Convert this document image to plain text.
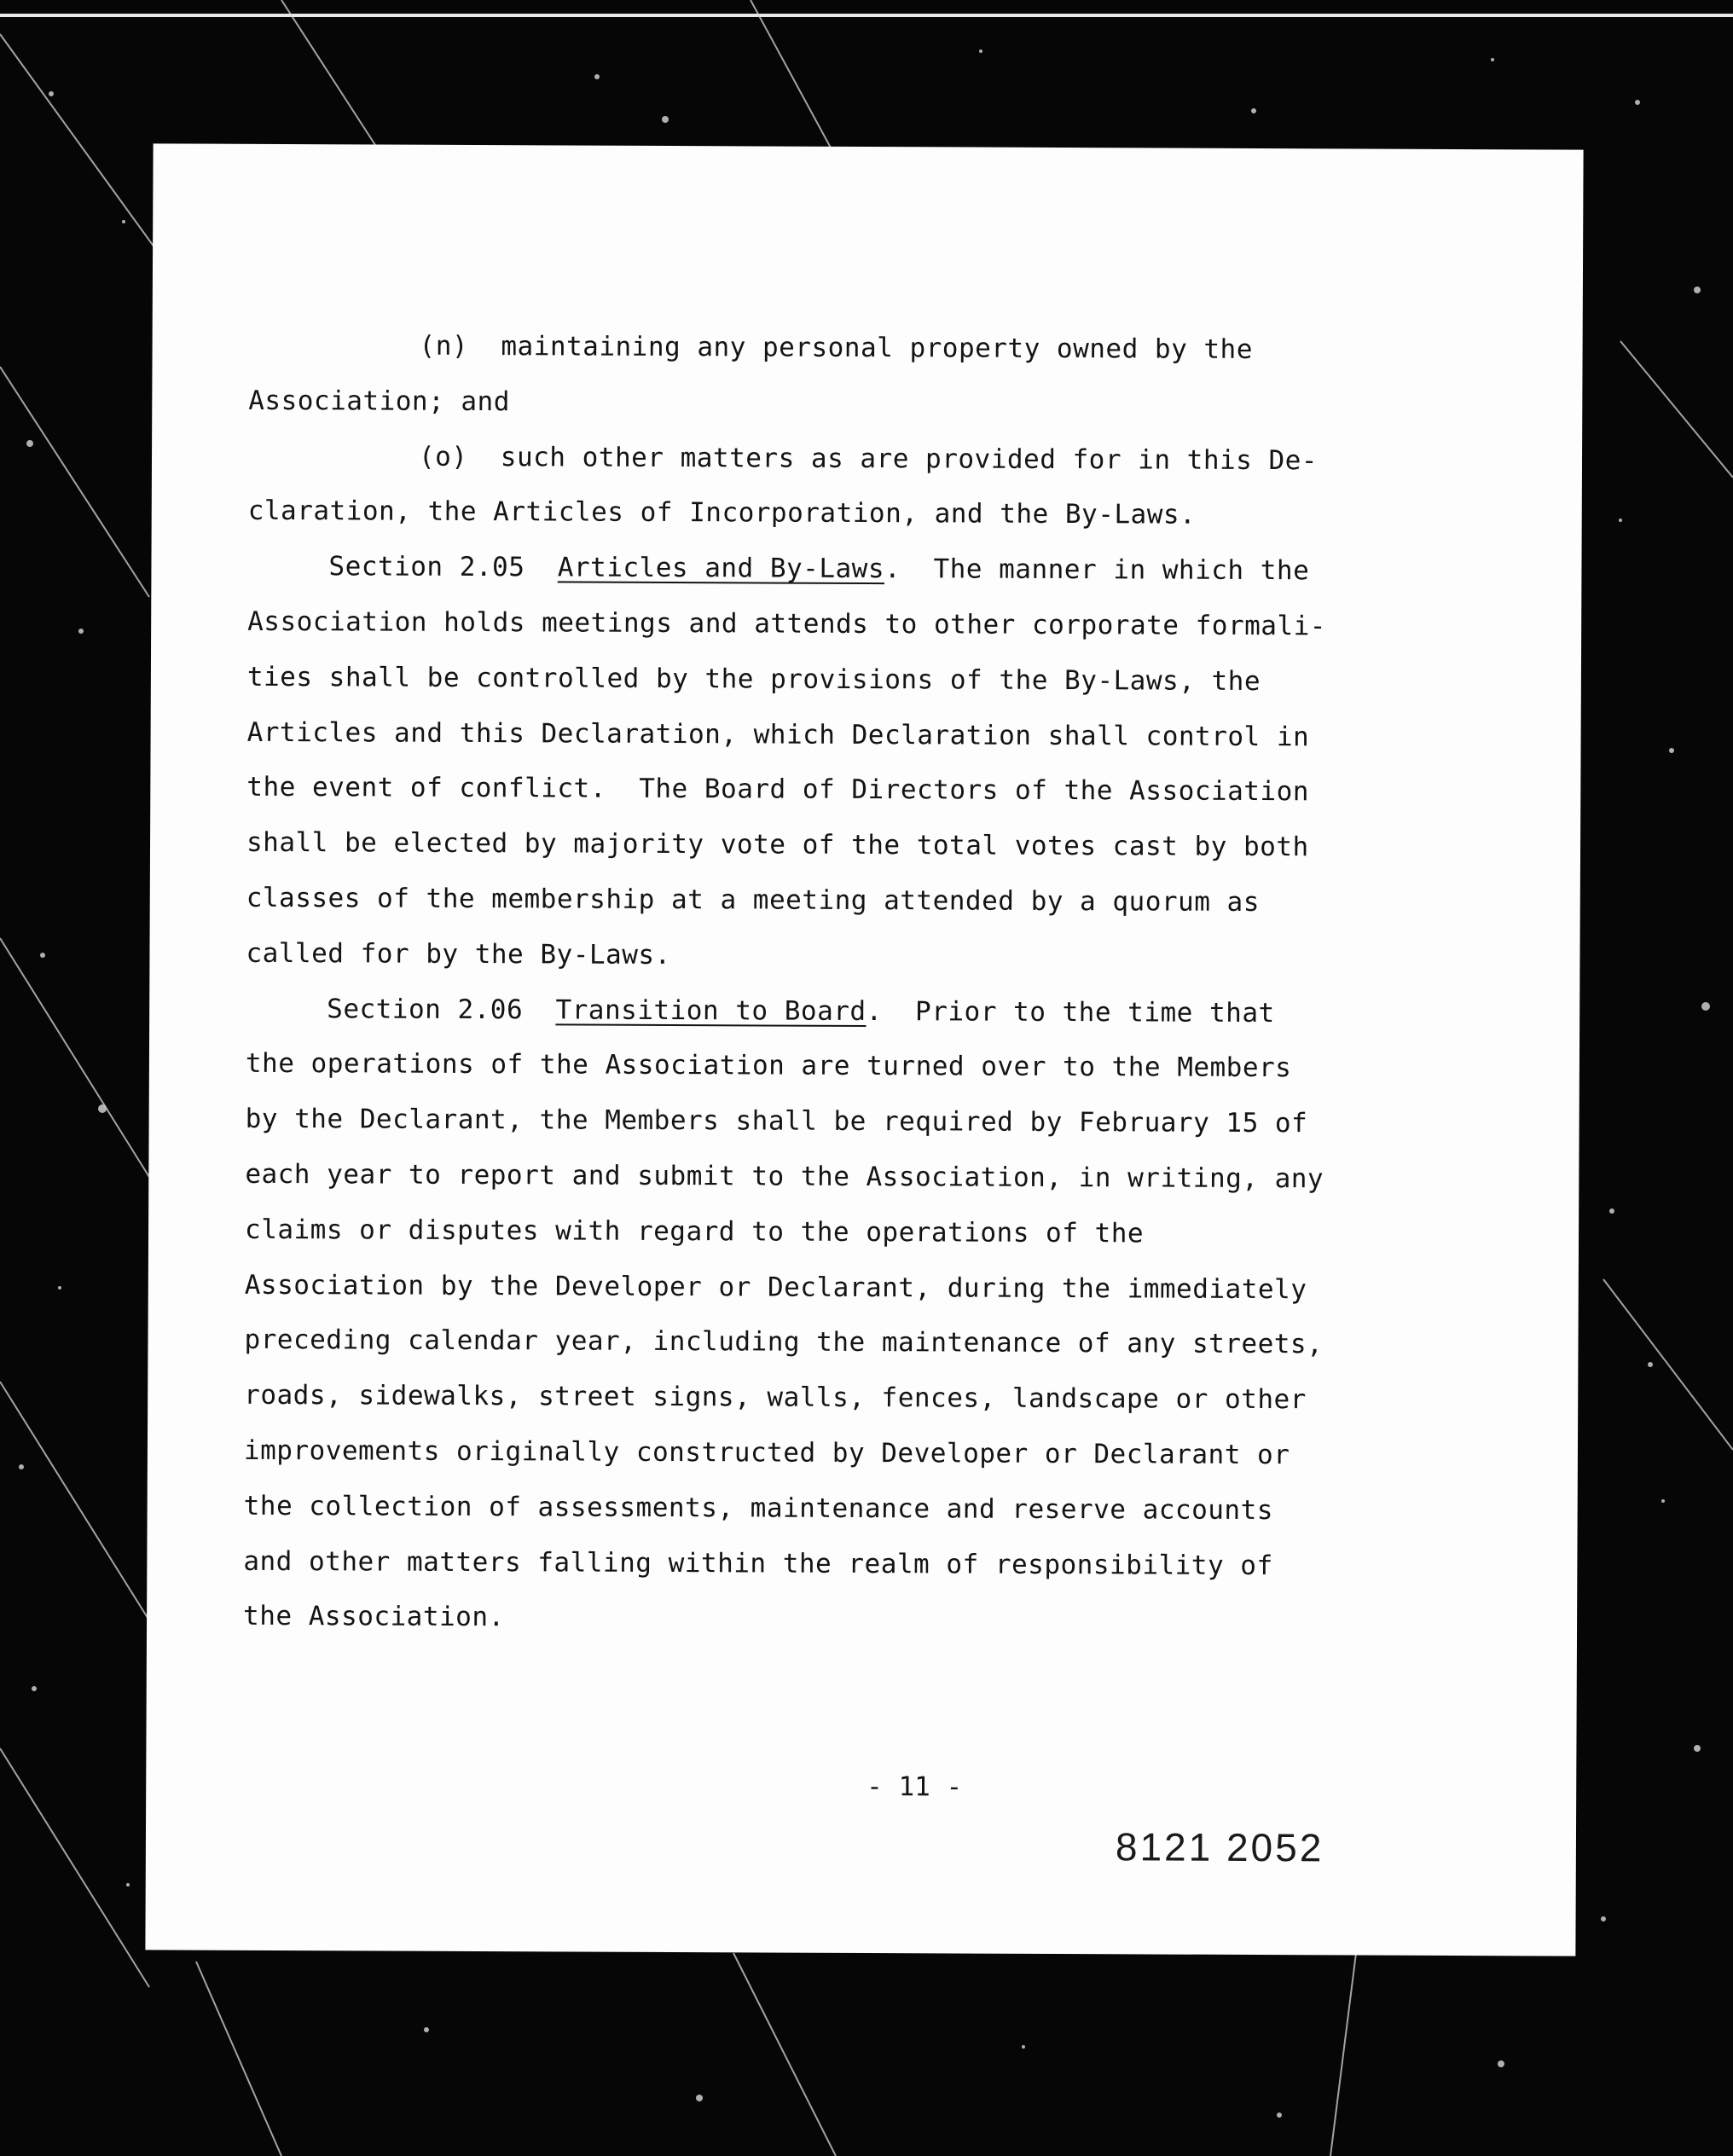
(n)  maintaining any personal property owned by the
Association; and
(o)  such other matters as are provided for in this De-
claration, the Articles of Incorporation, and the By-Laws.
Section 2.05  Articles and By-Laws.  The manner in which the
Association holds meetings and attends to other corporate formali-
ties shall be controlled by the provisions of the By-Laws, the
Articles and this Declaration, which Declaration shall control in
the event of conflict.  The Board of Directors of the Association
shall be elected by majority vote of the total votes cast by both
classes of the membership at a meeting attended by a quorum as
called for by the By-Laws.
Section 2.06  Transition to Board.  Prior to the time that
the operations of the Association are turned over to the Members
by the Declarant, the Members shall be required by February 15 of
each year to report and submit to the Association, in writing, any
claims or disputes with regard to the operations of the
Association by the Developer or Declarant, during the immediately
preceding calendar year, including the maintenance of any streets,
roads, sidewalks, street signs, walls, fences, landscape or other
improvements originally constructed by Developer or Declarant or
the collection of assessments, maintenance and reserve accounts
and other matters falling within the realm of responsibility of
the Association.
- 11 -
8121 2052
